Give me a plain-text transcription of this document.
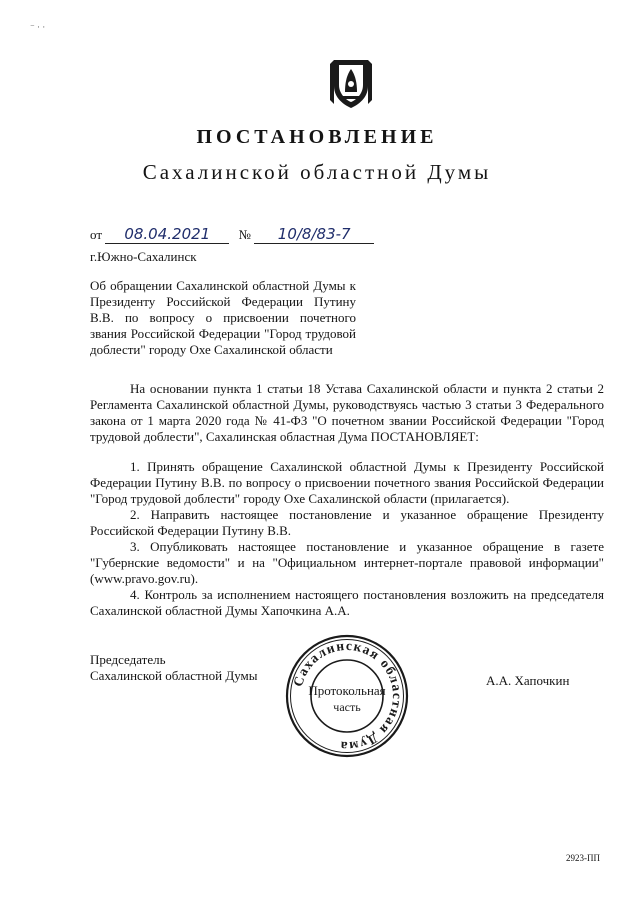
⁻ · ·
ПОСТАНОВЛЕНИЕ
Сахалинской областной Думы
от 08.04.2021 № 10/8/83-7
г.Южно-Сахалинск
Об обращении Сахалинской областной Думы к Президенту Российской Федерации Путину В.В. по вопросу о присвоении почетного звания Российской Федерации "Город трудовой доблести" городу Охе Сахалинской области

На основании пункта 1 статьи 18 Устава Сахалинской области и пункта 2 статьи 2 Регламента Сахалинской областной Думы, руководствуясь частью 3 статьи 3 Федерального закона от 1 марта 2020 года № 41-ФЗ "О почетном звании Российской Федерации "Город трудовой доблести", Сахалинская областная Дума ПОСТАНОВЛЯЕТ:

1. Принять обращение Сахалинской областной Думы к Президенту Российской Федерации Путину В.В. по вопросу о присвоении почетного звания Российской Федерации "Город трудовой доблести" городу Охе Сахалинской области (прилагается).

2. Направить настоящее постановление и указанное обращение Президенту Российской Федерации Путину В.В.

3. Опубликовать настоящее постановление и указанное обращение в газете "Губернские ведомости" и на "Официальном интернет-портале правовой информации" (www.pravo.gov.ru).

4. Контроль за исполнением настоящего постановления возложить на председателя Сахалинской областной Думы Хапочкина А.А.

Председатель
Сахалинской областной Думы	А.А. Хапочкин
Сахалинская областная Дума
Протокольная
часть
2923-ПП
